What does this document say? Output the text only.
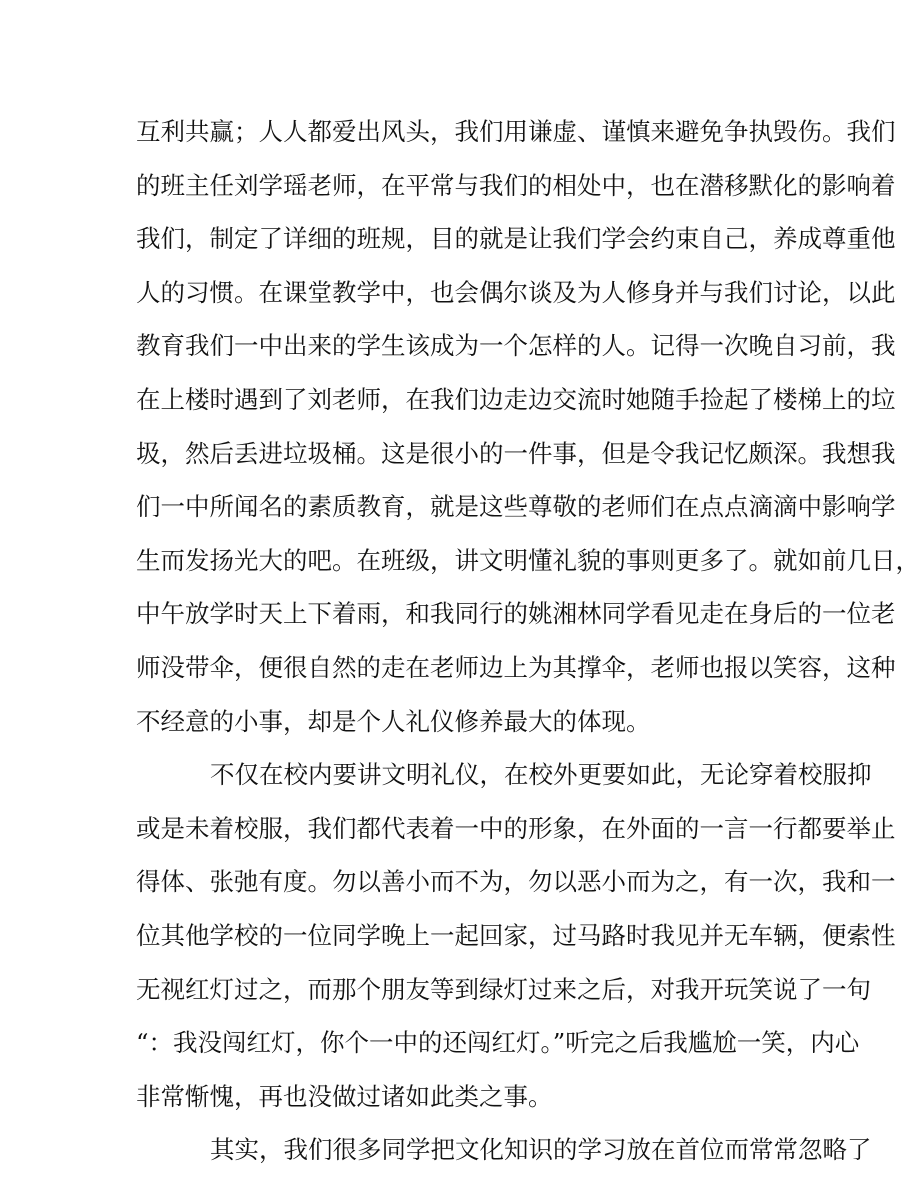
互利共赢；人人都爱出风头，我们用谦虚、谨慎来避免争执毁伤。我们
的班主任刘学瑶老师，在平常与我们的相处中，也在潜移默化的影响着
我们，制定了详细的班规，目的就是让我们学会约束自己，养成尊重他
人的习惯。在课堂教学中，也会偶尔谈及为人修身并与我们讨论，以此
教育我们一中出来的学生该成为一个怎样的人。记得一次晚自习前，我
在上楼时遇到了刘老师，在我们边走边交流时她随手捡起了楼梯上的垃
圾，然后丢进垃圾桶。这是很小的一件事，但是令我记忆颇深。我想我
们一中所闻名的素质教育，就是这些尊敬的老师们在点点滴滴中影响学
生而发扬光大的吧。在班级，讲文明懂礼貌的事则更多了。就如前几日，
中午放学时天上下着雨，和我同行的姚湘林同学看见走在身后的一位老
师没带伞，便很自然的走在老师边上为其撑伞，老师也报以笑容，这种
不经意的小事，却是个人礼仪修养最大的体现。
不仅在校内要讲文明礼仪，在校外更要如此，无论穿着校服抑
或是未着校服，我们都代表着一中的形象，在外面的一言一行都要举止
得体、张弛有度。勿以善小而不为，勿以恶小而为之，有一次，我和一
位其他学校的一位同学晚上一起回家，过马路时我见并无车辆，便索性
无视红灯过之，而那个朋友等到绿灯过来之后，对我开玩笑说了一句
“：我没闯红灯，你个一中的还闯红灯。”听完之后我尴尬一笑，内心
非常惭愧，再也没做过诸如此类之事。
其实，我们很多同学把文化知识的学习放在首位而常常忽略了
